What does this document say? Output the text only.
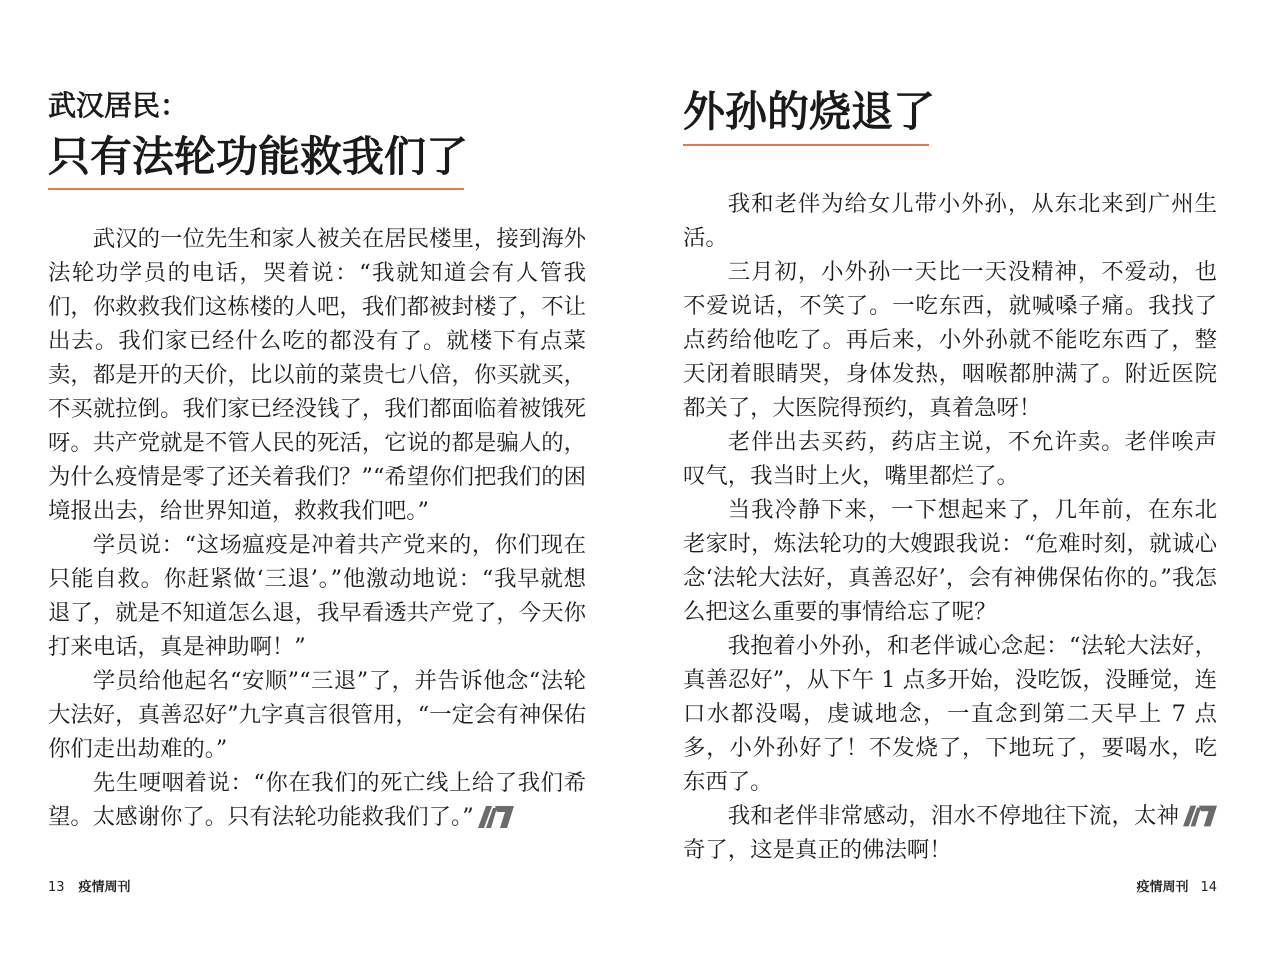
武汉居民：
只有法轮功能救我们了

武汉的一位先生和家人被关在居民楼里，接到海外法轮功学员的电话，哭着说：“我就知道会有人管我们，你救救我们这栋楼的人吧，我们都被封楼了，不让出去。我们家已经什么吃的都没有了。就楼下有点菜卖，都是开的天价，比以前的菜贵七八倍，你买就买，不买就拉倒。我们家已经没钱了，我们都面临着被饿死呀。共产党就是不管人民的死活，它说的都是骗人的，为什么疫情是零了还关着我们？”“希望你们把我们的困境报出去，给世界知道，救救我们吧。”

学员说：“这场瘟疫是冲着共产党来的，你们现在只能自救。你赶紧做‘三退’。”他激动地说：“我早就想退了，就是不知道怎么退，我早看透共产党了，今天你打来电话，真是神助啊！”

学员给他起名“安顺”“三退”了，并告诉他念“法轮大法好，真善忍好”九字真言很管用，“一定会有神保佑你们走出劫难的。”

先生哽咽着说：“你在我们的死亡线上给了我们希望。太感谢你了。只有法轮功能救我们了。”

外孙的烧退了

我和老伴为给女儿带小外孙，从东北来到广州生活。

三月初，小外孙一天比一天没精神，不爱动，也不爱说话，不笑了。一吃东西，就喊嗓子痛。我找了点药给他吃了。再后来，小外孙就不能吃东西了，整天闭着眼睛哭，身体发热，咽喉都肿满了。附近医院都关了，大医院得预约，真着急呀！

老伴出去买药，药店主说，不允许卖。老伴唉声叹气，我当时上火，嘴里都烂了。

当我冷静下来，一下想起来了，几年前，在东北老家时，炼法轮功的大嫂跟我说：“危难时刻，就诚心念‘法轮大法好，真善忍好’，会有神佛保佑你的。”我怎么把这么重要的事情给忘了呢？

我抱着小外孙，和老伴诚心念起：“法轮大法好，真善忍好”，从下午 1 点多开始，没吃饭，没睡觉，连口水都没喝，虔诚地念，一直念到第二天早上 7 点多，小外孙好了！不发烧了，下地玩了，要喝水，吃东西了。

我和老伴非常感动，泪水不停地往下流，太神奇了，这是真正的佛法啊！

13 疫情周刊	疫情周刊 14
